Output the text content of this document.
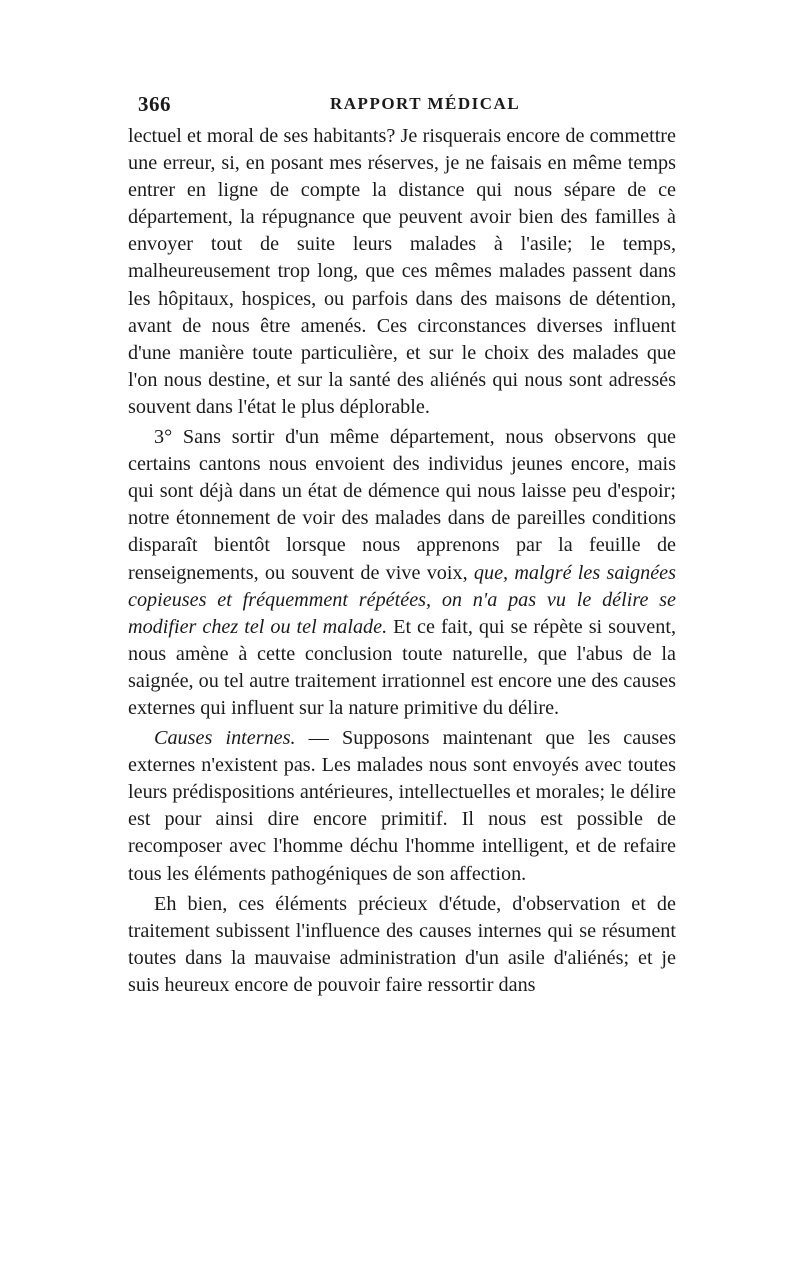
366	RAPPORT MÉDICAL

lectuel et moral de ses habitants? Je risquerais encore de commettre une erreur, si, en posant mes réserves, je ne faisais en même temps entrer en ligne de compte la distance qui nous sépare de ce département, la répugnance que peuvent avoir bien des familles à envoyer tout de suite leurs malades à l'asile; le temps, malheureusement trop long, que ces mêmes malades passent dans les hôpitaux, hospices, ou parfois dans des maisons de détention, avant de nous être amenés. Ces circonstances diverses influent d'une manière toute particulière, et sur le choix des malades que l'on nous destine, et sur la santé des aliénés qui nous sont adressés souvent dans l'état le plus déplorable.

3° Sans sortir d'un même département, nous observons que certains cantons nous envoient des individus jeunes encore, mais qui sont déjà dans un état de démence qui nous laisse peu d'espoir; notre étonnement de voir des malades dans de pareilles conditions disparaît bientôt lorsque nous apprenons par la feuille de renseignements, ou souvent de vive voix, que, malgré les saignées copieuses et fréquemment répétées, on n'a pas vu le délire se modifier chez tel ou tel malade. Et ce fait, qui se répète si souvent, nous amène à cette conclusion toute naturelle, que l'abus de la saignée, ou tel autre traitement irrationnel est encore une des causes externes qui influent sur la nature primitive du délire.

Causes internes. — Supposons maintenant que les causes externes n'existent pas. Les malades nous sont envoyés avec toutes leurs prédispositions antérieures, intellectuelles et morales; le délire est pour ainsi dire encore primitif. Il nous est possible de recomposer avec l'homme déchu l'homme intelligent, et de refaire tous les éléments pathogéniques de son affection.

Eh bien, ces éléments précieux d'étude, d'observation et de traitement subissent l'influence des causes internes qui se résument toutes dans la mauvaise administration d'un asile d'aliénés; et je suis heureux encore de pouvoir faire ressortir dans
